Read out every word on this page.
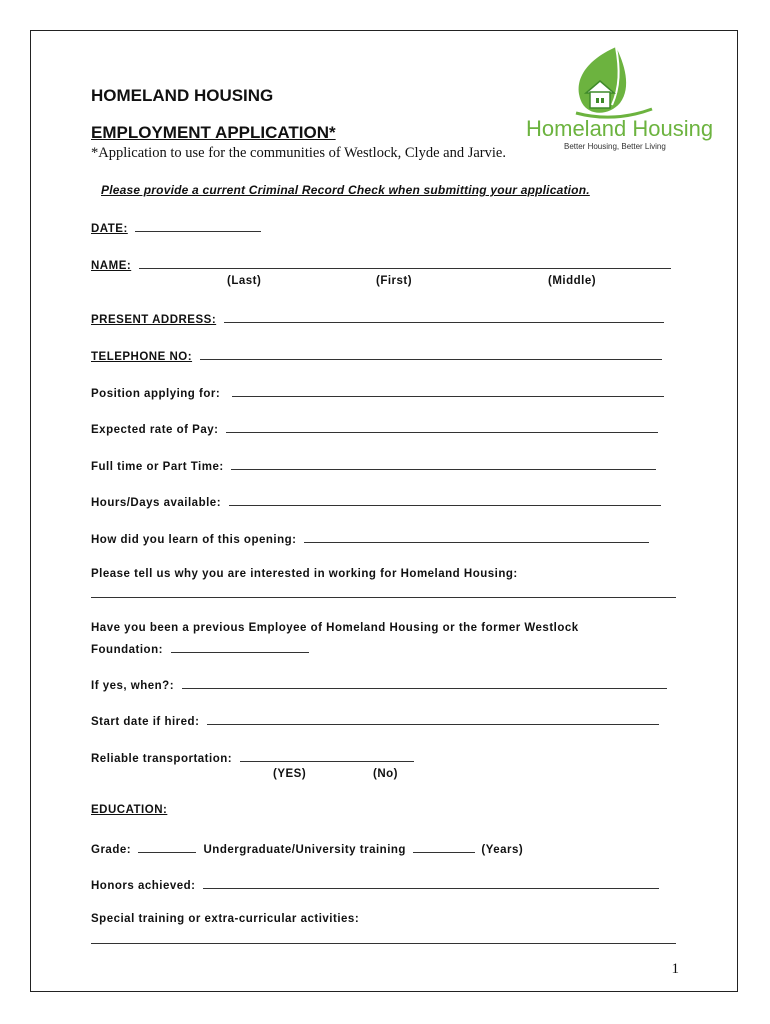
Homeland Housing
Better Housing, Better Living
HOMELAND HOUSING
EMPLOYMENT APPLICATION*
*Application to use for the communities of Westlock, Clyde and Jarvie.
Please provide a current Criminal Record Check when submitting your application.
DATE:
NAME:
(Last)	(First)	(Middle)
PRESENT ADDRESS:
TELEPHONE NO:
Position applying for:
Expected rate of Pay:
Full time or Part Time:
Hours/Days available:
How did you learn of this opening:
Please tell us why you are interested in working for Homeland Housing:
Have you been a previous Employee of Homeland Housing or the former Westlock
Foundation:
If yes, when?:
Start date if hired:
Reliable transportation:
(YES)	(No)
EDUCATION:
Grade:	Undergraduate/University training	(Years)
Honors achieved:
Special training or extra-curricular activities:
1
